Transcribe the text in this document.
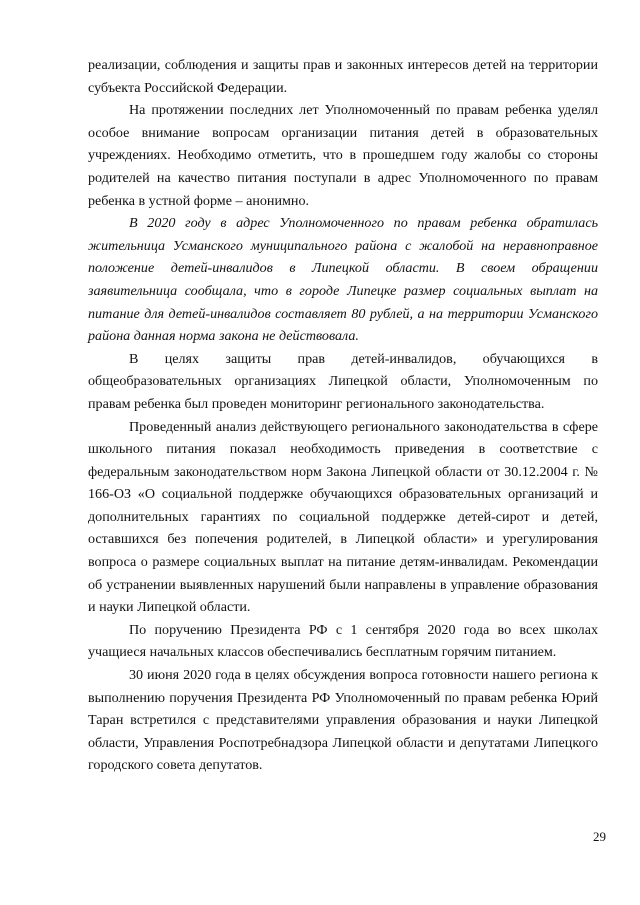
реализации, соблюдения и защиты прав и законных интересов детей на территории субъекта Российской Федерации.

На протяжении последних лет Уполномоченный по правам ребенка уделял особое внимание вопросам организации питания детей в образовательных учреждениях. Необходимо отметить, что в прошедшем году жалобы со стороны родителей на качество питания поступали в адрес Уполномоченного по правам ребенка в устной форме – анонимно.

В 2020 году в адрес Уполномоченного по правам ребенка обратилась жительница Усманского муниципального района с жалобой на неравноправное положение детей-инвалидов в Липецкой области. В своем обращении заявительница сообщала, что в городе Липецке размер социальных выплат на питание для детей-инвалидов составляет 80 рублей, а на территории Усманского района данная норма закона не действовала.

В целях защиты прав детей-инвалидов, обучающихся в общеобразовательных организациях Липецкой области, Уполномоченным по правам ребенка был проведен мониторинг регионального законодательства.

Проведенный анализ действующего регионального законодательства в сфере школьного питания показал необходимость приведения в соответствие с федеральным законодательством норм Закона Липецкой области от 30.12.2004 г. № 166-ОЗ «О социальной поддержке обучающихся образовательных организаций и дополнительных гарантиях по социальной поддержке детей-сирот и детей, оставшихся без попечения родителей, в Липецкой области» и урегулирования вопроса о размере социальных выплат на питание детям-инвалидам. Рекомендации об устранении выявленных нарушений были направлены в управление образования и науки Липецкой области.

По поручению Президента РФ с 1 сентября 2020 года во всех школах учащиеся начальных классов обеспечивались бесплатным горячим питанием.

30 июня 2020 года в целях обсуждения вопроса готовности нашего региона к выполнению поручения Президента РФ Уполномоченный по правам ребенка Юрий Таран встретился с представителями управления образования и науки Липецкой области, Управления Роспотребнадзора Липецкой области и депутатами Липецкого городского совета депутатов.

29
